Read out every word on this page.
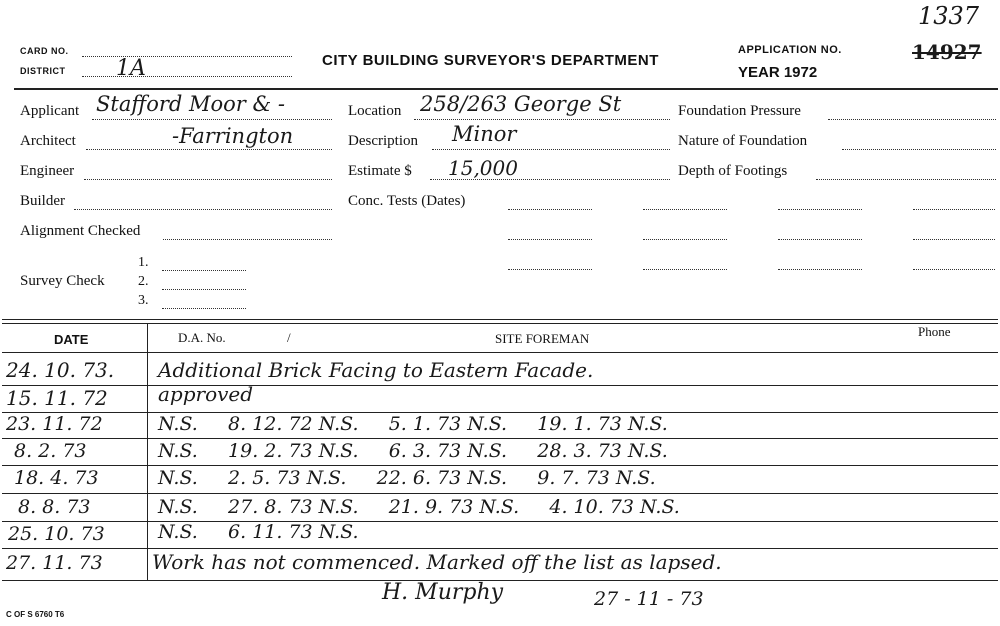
1337
14927
CARD NO.
DISTRICT 1A	CITY BUILDING SURVEYOR'S DEPARTMENT
APPLICATION NO.
YEAR 1972
Applicant Stafford Moor & -
Architect	-Farrington
Engineer
Builder
Alignment Checked
Survey Check
1.
2.
3.
Location 258/263 George St
Description Minor
Estimate $ 15,000
Conc. Tests (Dates)
Foundation Pressure
Nature of Foundation
Depth of Footings
DATE	D.A. No.	/	SITE FOREMAN	Phone
24. 10. 73. Additional Brick Facing to Eastern Facade.
15. 11. 72	approved
23. 11. 72	N.S.     8. 12. 72 N.S.     5. 1. 73 N.S.     19. 1. 73 N.S.
8. 2. 73	N.S.     19. 2. 73 N.S.     6. 3. 73 N.S.     28. 3. 73 N.S.
18. 4. 73	N.S.     2. 5. 73 N.S.     22. 6. 73 N.S.     9. 7. 73 N.S.
8. 8. 73	N.S.     27. 8. 73 N.S.     21. 9. 73 N.S.     4. 10. 73 N.S.
25. 10. 73	N.S.     6. 11. 73 N.S.
27. 11. 73 Work has not commenced. Marked off the list as lapsed.
H. Murphy	27 - 11 - 73
C OF S 6760 T6
